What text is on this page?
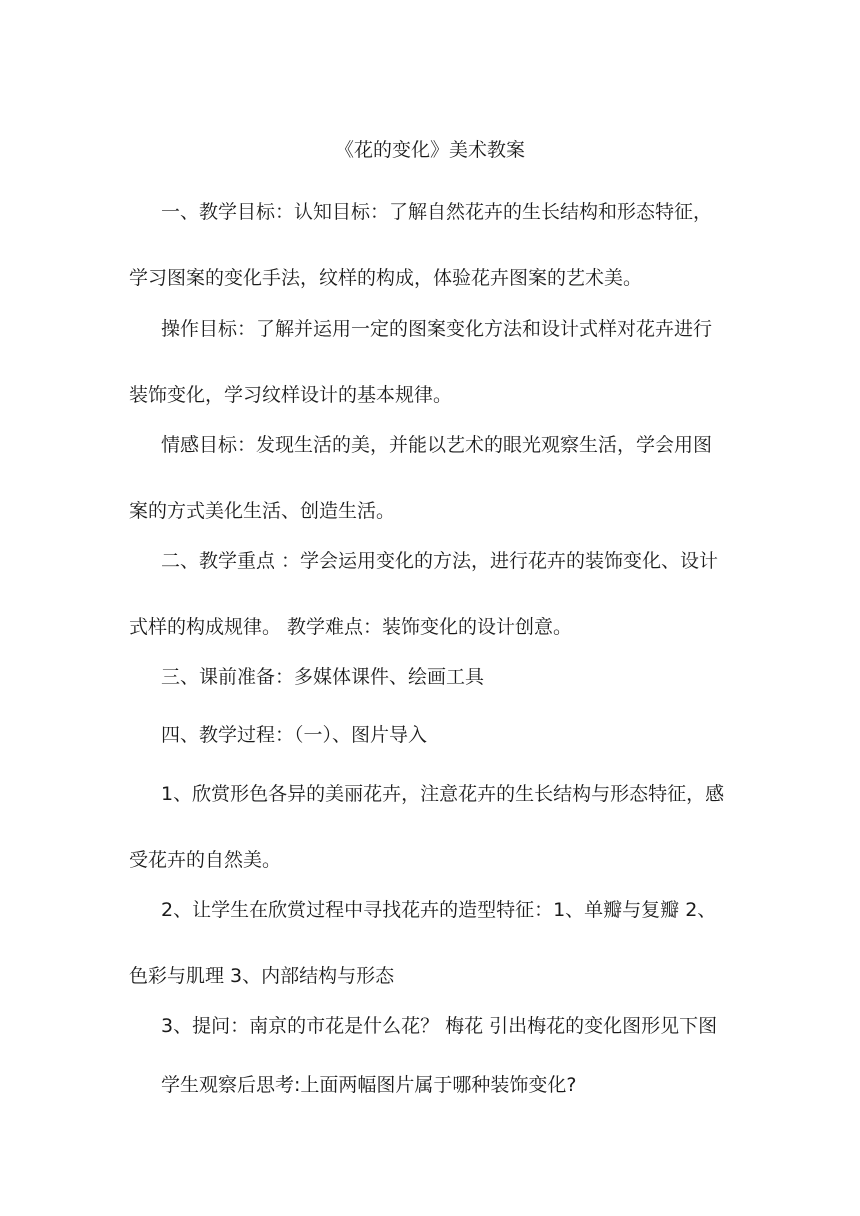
《花的变化》美术教案
一、教学目标：认知目标：了解自然花卉的生长结构和形态特征，
学习图案的变化手法，纹样的构成，体验花卉图案的艺术美。
操作目标：了解并运用一定的图案变化方法和设计式样对花卉进行
装饰变化，学习纹样设计的基本规律。
情感目标：发现生活的美，并能以艺术的眼光观察生活，学会用图
案的方式美化生活、创造生活。
二、教学重点 ：学会运用变化的方法，进行花卉的装饰变化、设计
式样的构成规律。 教学难点：装饰变化的设计创意。
三、课前准备：多媒体课件、绘画工具
四、教学过程：（一）、图片导入
1、欣赏形色各异的美丽花卉，注意花卉的生长结构与形态特征，感
受花卉的自然美。
2、让学生在欣赏过程中寻找花卉的造型特征：1、单瓣与复瓣 2、
色彩与肌理 3、内部结构与形态
3、提问：南京的市花是什么花？ 梅花 引出梅花的变化图形见下图
学生观察后思考:上面两幅图片属于哪种装饰变化?
